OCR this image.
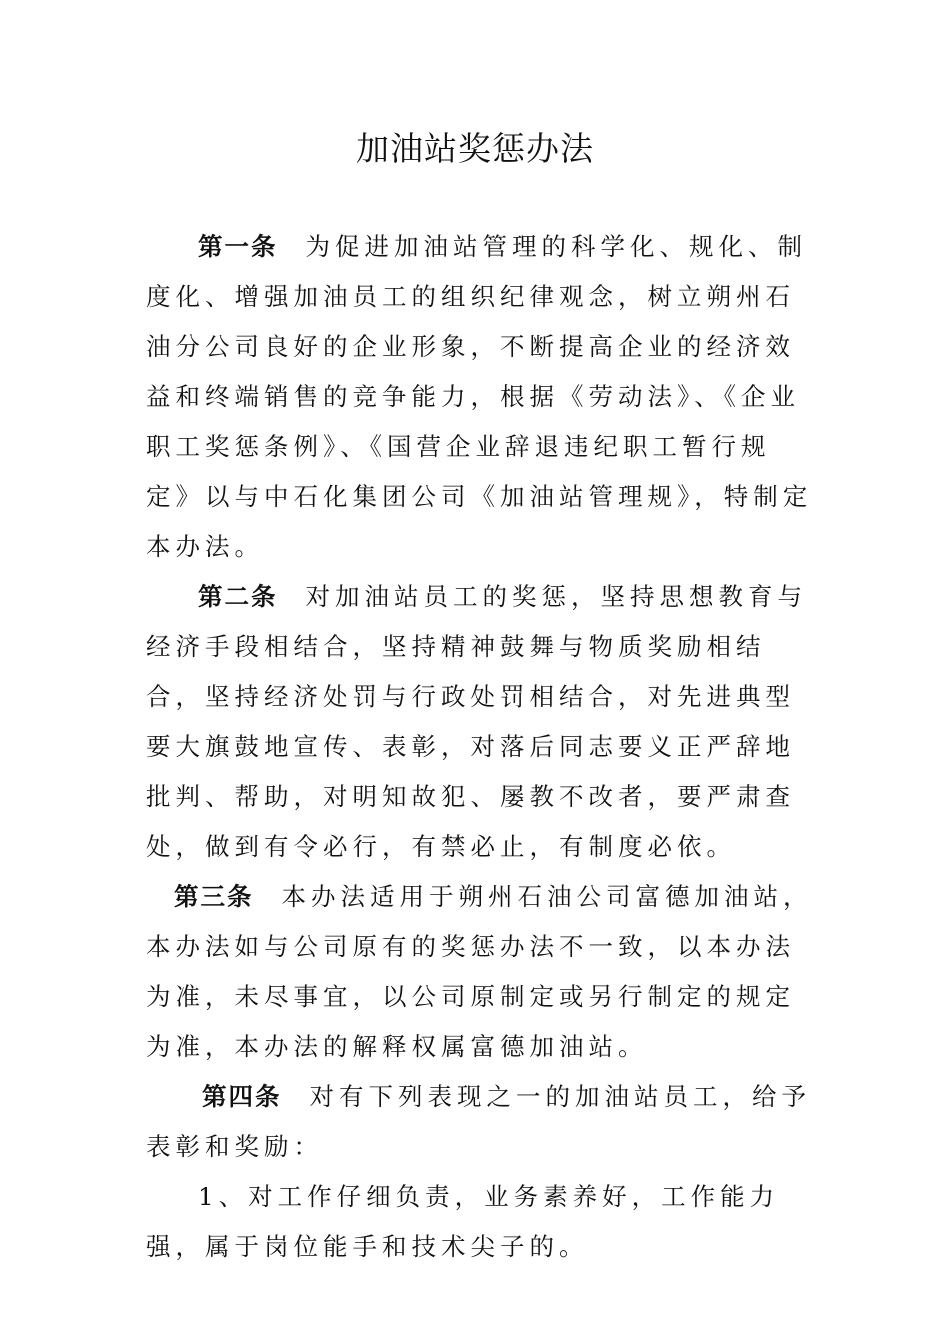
加油站奖惩办法

第一条 为促进加油站管理的科学化、规化、制度化、增强加油员工的组织纪律观念，树立朔州石油分公司良好的企业形象，不断提高企业的经济效益和终端销售的竞争能力，根据《劳动法》、《企业职工奖惩条例》、《国营企业辞退违纪职工暂行规定》以与中石化集团公司《加油站管理规》，特制定本办法。

第二条 对加油站员工的奖惩，坚持思想教育与经济手段相结合，坚持精神鼓舞与物质奖励相结合，坚持经济处罚与行政处罚相结合，对先进典型要大旗鼓地宣传、表彰，对落后同志要义正严辞地批判、帮助，对明知故犯、屡教不改者，要严肃查处，做到有令必行，有禁必止，有制度必依。

第三条 本办法适用于朔州石油公司富德加油站，本办法如与公司原有的奖惩办法不一致，以本办法为准，未尽事宜，以公司原制定或另行制定的规定为准，本办法的解释权属富德加油站。

第四条 对有下列表现之一的加油站员工，给予表彰和奖励：

1、对工作仔细负责，业务素养好，工作能力强，属于岗位能手和技术尖子的。
